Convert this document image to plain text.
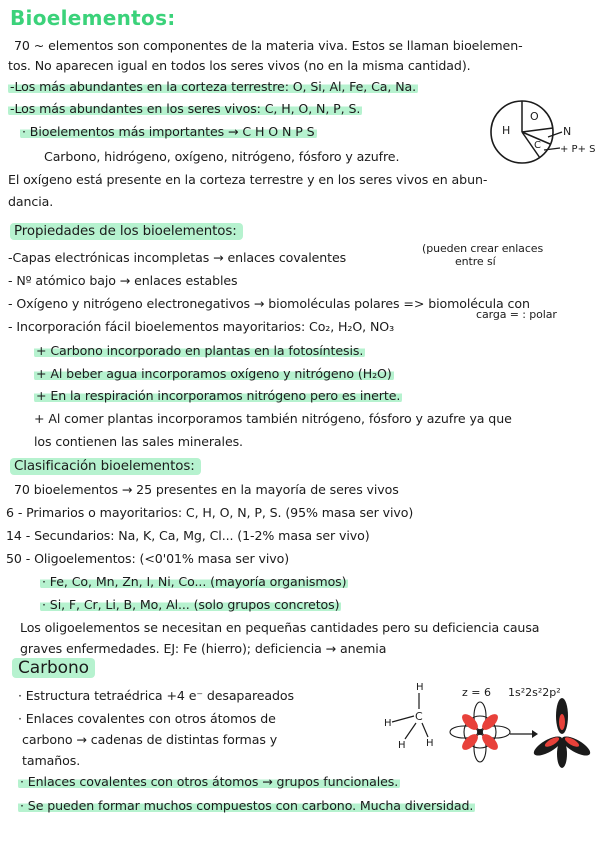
Bioelementos:
70 ~ elementos son componentes de la materia viva. Estos se llaman bioelemen-
tos. No aparecen igual en todos los seres vivos (no en la misma cantidad).
-Los más abundantes en la corteza terrestre: O, Si, Al, Fe, Ca, Na.
-Los más abundantes en los seres vivos: C, H, O, N, P, S.
· Bioelementos más importantes → C H O N P S
Carbono, hidrógeno, oxígeno, nitrógeno, fósforo y azufre.
El oxígeno está presente en la corteza terrestre y en los seres vivos en abun-
dancia.
H
O
C
N
+ P+ S
Propiedades de los bioelementos:
-Capas electrónicas incompletas → enlaces covalentes
(pueden crear enlaces
entre sí
- Nº atómico bajo → enlaces estables
- Oxígeno y nitrógeno electronegativos → biomoléculas polares => biomolécula con
carga = : polar
- Incorporación fácil bioelementos mayoritarios: Co₂, H₂O, NO₃
+ Carbono incorporado en plantas en la fotosíntesis.
+ Al beber agua incorporamos oxígeno y nitrógeno (H₂O)
+ En la respiración incorporamos nitrógeno pero es inerte.
+ Al comer plantas incorporamos también nitrógeno, fósforo y azufre ya que
los contienen las sales minerales.
Clasificación bioelementos:
70 bioelementos → 25 presentes en la mayoría de seres vivos
6 - Primarios o mayoritarios: C, H, O, N, P, S. (95% masa ser vivo)
14 - Secundarios: Na, K, Ca, Mg, Cl... (1-2% masa ser vivo)
50 - Oligoelementos: (<0'01% masa ser vivo)
· Fe, Co, Mn, Zn, I, Ni, Co... (mayoría organismos)
· Si, F, Cr, Li, B, Mo, Al... (solo grupos concretos)
Los oligoelementos se necesitan en pequeñas cantidades pero su deficiencia causa
graves enfermedades. EJ: Fe (hierro); deficiencia → anemia
Carbono
· Estructura tetraédrica +4 e⁻ desapareados
· Enlaces covalentes con otros átomos de
carbono → cadenas de distintas formas y
tamaños.
· Enlaces covalentes con otros átomos → grupos funcionales.
· Se pueden formar muchos compuestos con carbono. Mucha diversidad.
H
C
H
H H
z = 6 1s²2s²2p²
